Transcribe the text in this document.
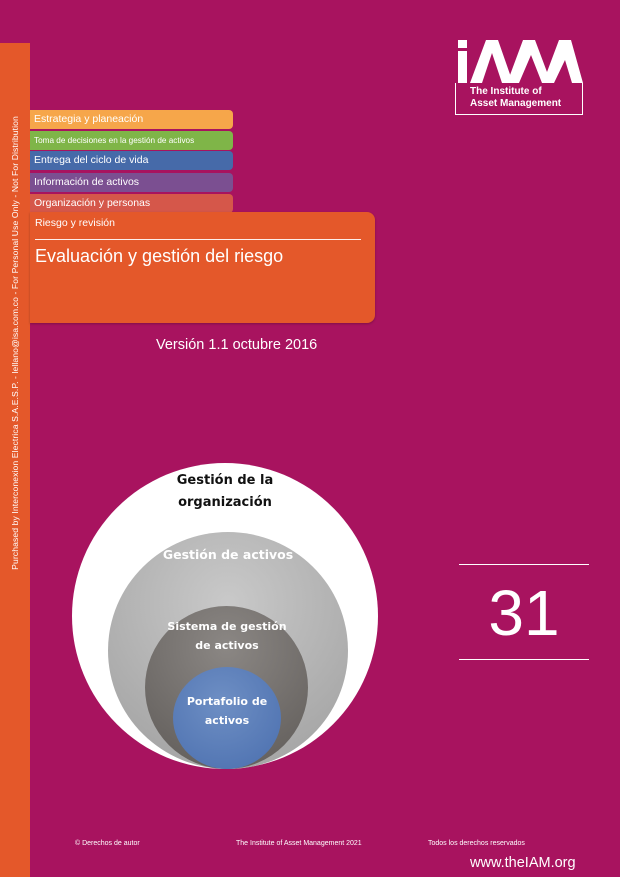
Purchased by Interconexion Electrica S.A.E.S.P. - lellano@isa.com.co - For Personal Use Only - Not For Distribution
The Institute of
Asset Management
Estrategia y planeación
Toma de decisiones en la gestión de activos
Entrega del ciclo de vida
Información de activos
Organización y personas
Riesgo y revisión
Evaluación y gestión del riesgo
Versión 1.1 octubre 2016
Gestión de la organización
Gestión de activos
Sistema de gestión de activos
Portafolio de activos
31
© Derechos de autor	The Institute of Asset Management 2021	Todos los derechos reservados
www.theIAM.org
